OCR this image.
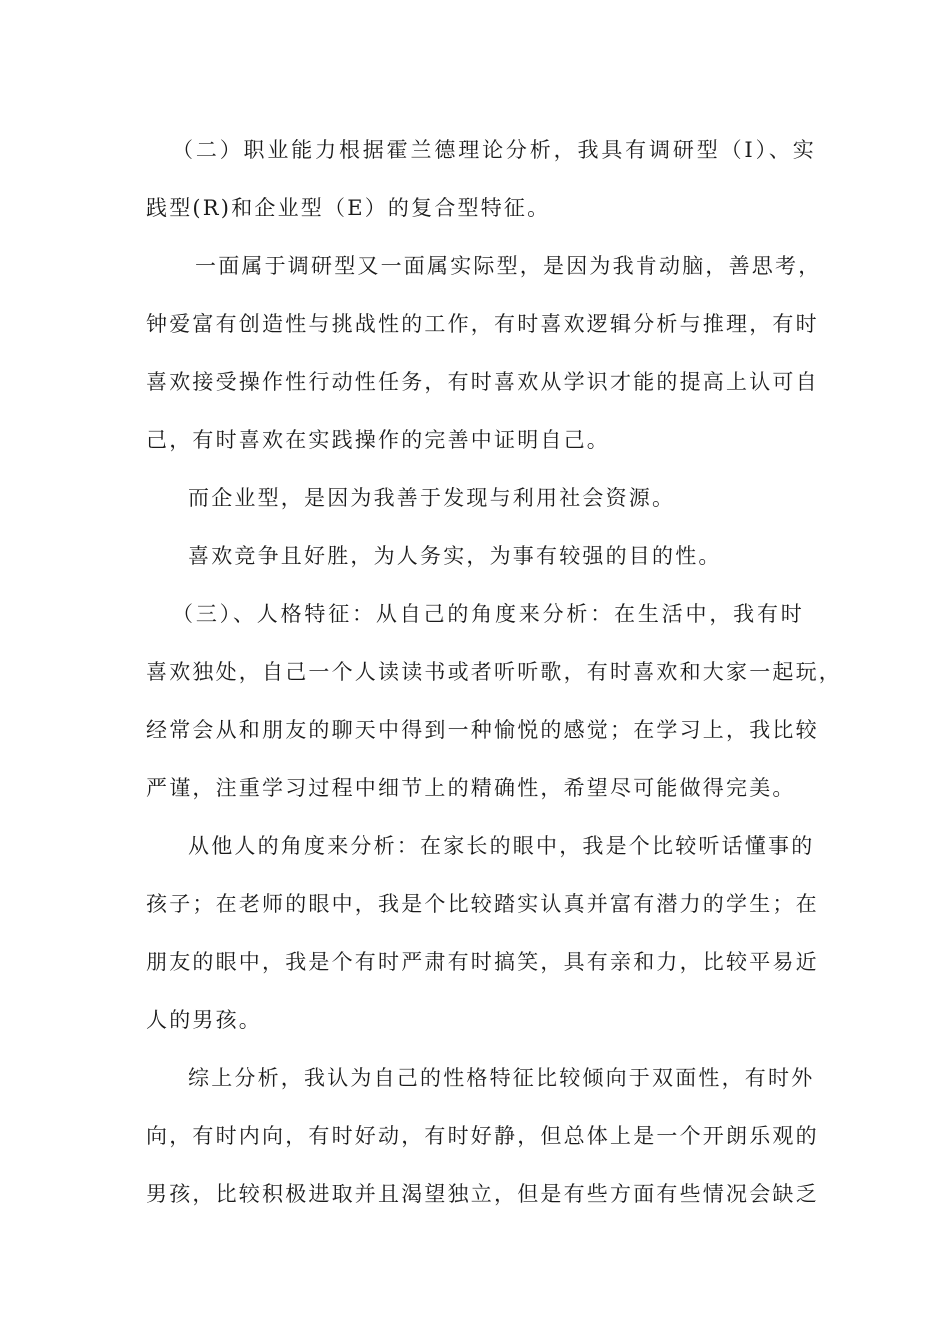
（二）职业能力根据霍兰德理论分析，我具有调研型（I）、实
践型(R)和企业型（E）的复合型特征。
一面属于调研型又一面属实际型，是因为我肯动脑，善思考，
钟爱富有创造性与挑战性的工作，有时喜欢逻辑分析与推理，有时
喜欢接受操作性行动性任务，有时喜欢从学识才能的提高上认可自
己，有时喜欢在实践操作的完善中证明自己。
而企业型，是因为我善于发现与利用社会资源。
喜欢竞争且好胜，为人务实，为事有较强的目的性。
（三）、人格特征：从自己的角度来分析：在生活中，我有时
喜欢独处，自己一个人读读书或者听听歌，有时喜欢和大家一起玩，
经常会从和朋友的聊天中得到一种愉悦的感觉；在学习上，我比较
严谨，注重学习过程中细节上的精确性，希望尽可能做得完美。
从他人的角度来分析：在家长的眼中，我是个比较听话懂事的
孩子；在老师的眼中，我是个比较踏实认真并富有潜力的学生；在
朋友的眼中，我是个有时严肃有时搞笑，具有亲和力，比较平易近
人的男孩。
综上分析，我认为自己的性格特征比较倾向于双面性，有时外
向，有时内向，有时好动，有时好静，但总体上是一个开朗乐观的
男孩，比较积极进取并且渴望独立，但是有些方面有些情况会缺乏
